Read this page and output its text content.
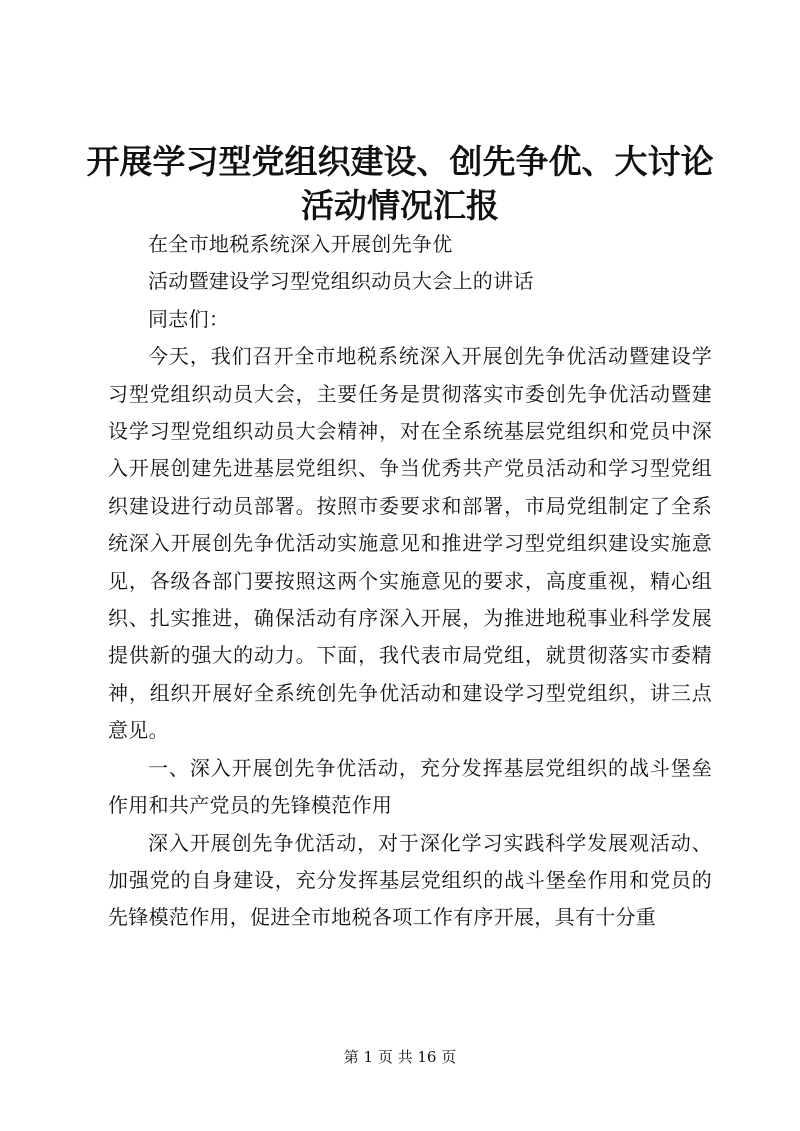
开展学习型党组织建设、创先争优、大讨论活动情况汇报

在全市地税系统深入开展创先争优

活动暨建设学习型党组织动员大会上的讲话

同志们：

今天，我们召开全市地税系统深入开展创先争优活动暨建设学习型党组织动员大会，主要任务是贯彻落实市委创先争优活动暨建设学习型党组织动员大会精神，对在全系统基层党组织和党员中深入开展创建先进基层党组织、争当优秀共产党员活动和学习型党组织建设进行动员部署。按照市委要求和部署，市局党组制定了全系统深入开展创先争优活动实施意见和推进学习型党组织建设实施意见，各级各部门要按照这两个实施意见的要求，高度重视，精心组织、扎实推进，确保活动有序深入开展，为推进地税事业科学发展提供新的强大的动力。下面，我代表市局党组，就贯彻落实市委精神，组织开展好全系统创先争优活动和建设学习型党组织，讲三点意见。

一、深入开展创先争优活动，充分发挥基层党组织的战斗堡垒作用和共产党员的先锋模范作用

深入开展创先争优活动，对于深化学习实践科学发展观活动、加强党的自身建设，充分发挥基层党组织的战斗堡垒作用和党员的先锋模范作用，促进全市地税各项工作有序开展，具有十分重

第 1 页 共 16 页
